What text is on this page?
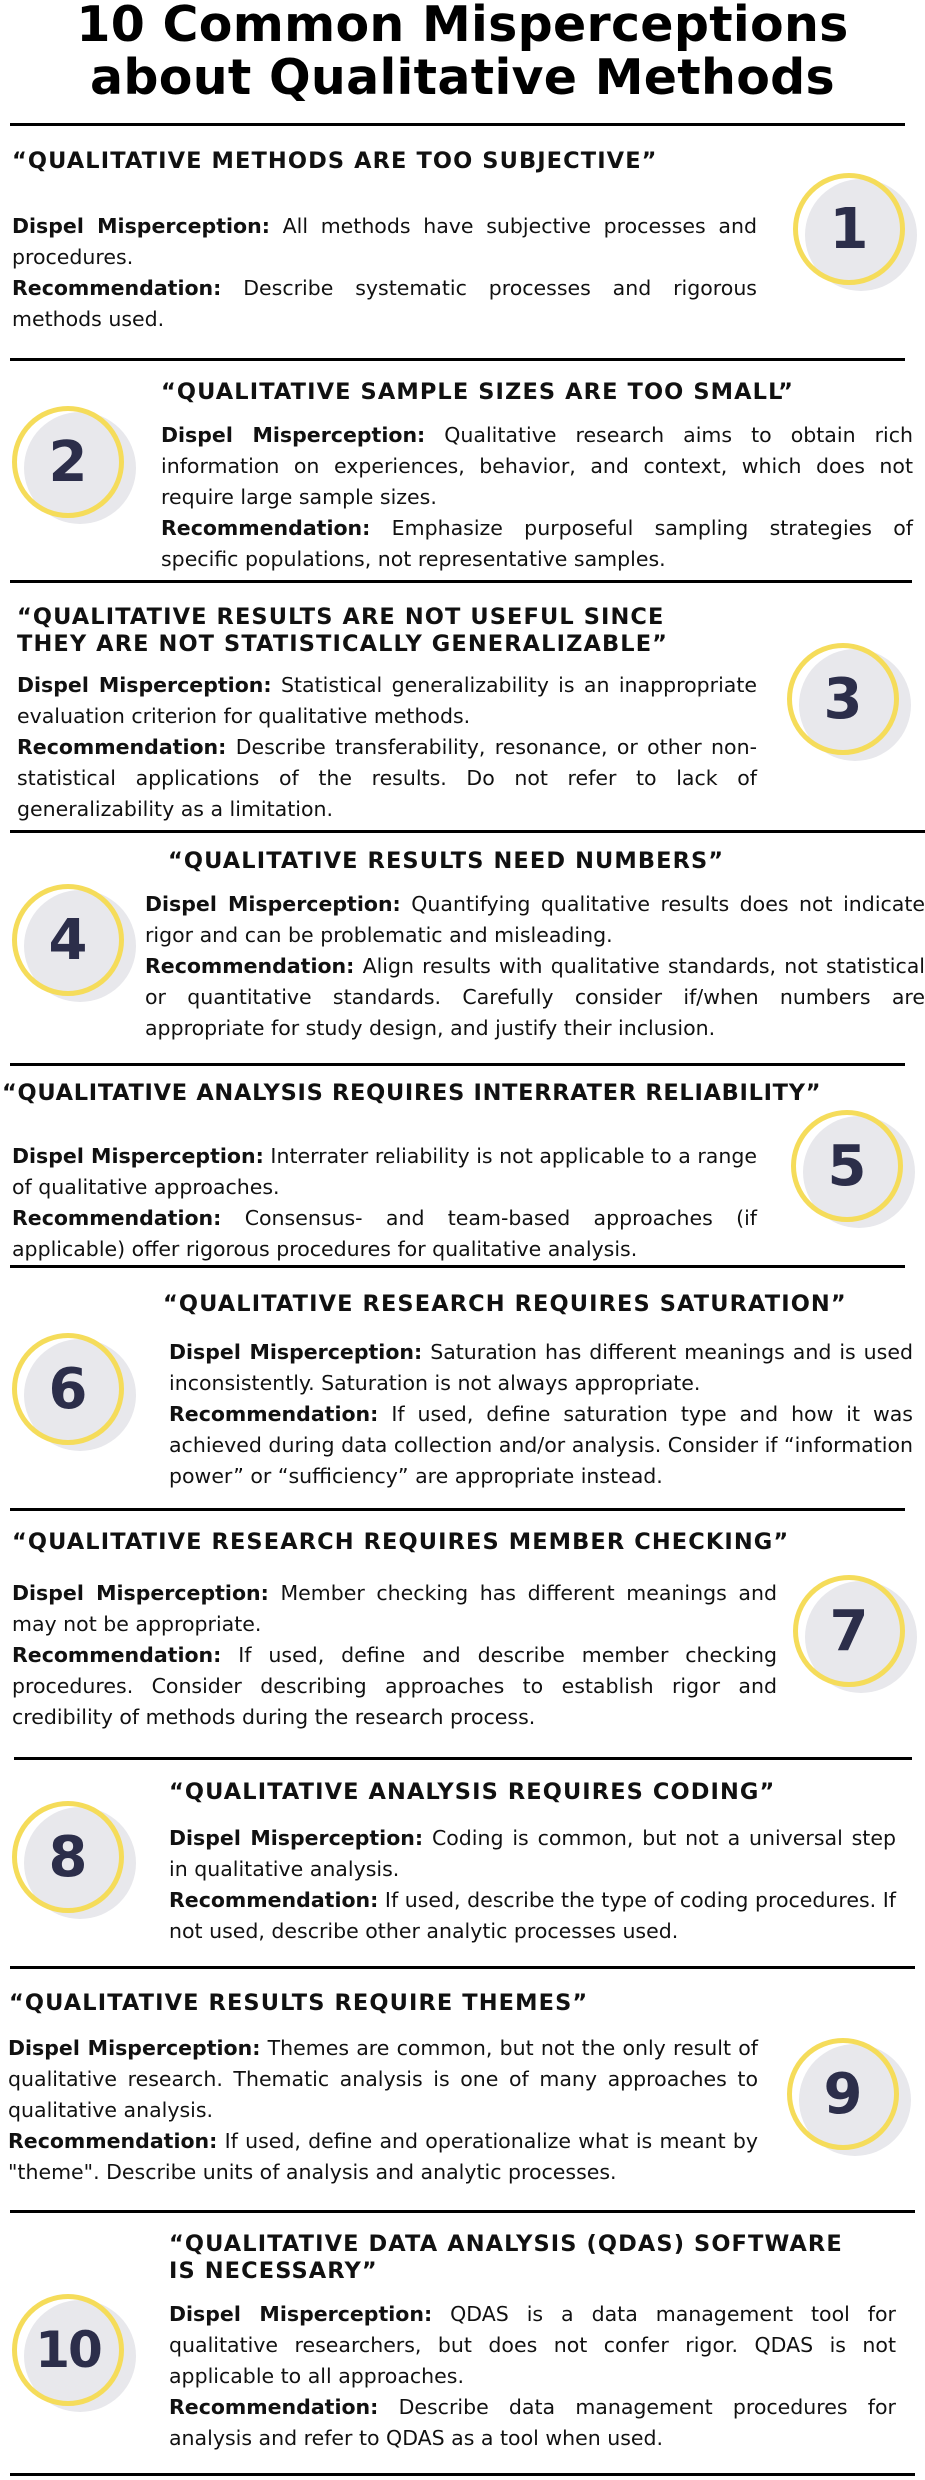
10 Common Misperceptions
about Qualitative Methods
“QUALITATIVE METHODS ARE TOO SUBJECTIVE”

Dispel Misperception: All methods have subjective processes and procedures.

Recommendation: Describe systematic processes and rigorous methods used.

1
“QUALITATIVE SAMPLE SIZES ARE TOO SMALL”

Dispel Misperception: Qualitative research aims to obtain rich information on experiences, behavior, and context, which does not require large sample sizes.

Recommendation: Emphasize purposeful sampling strategies of specific populations, not representative samples.

2
“QUALITATIVE RESULTS ARE NOT USEFUL SINCE
THEY ARE NOT STATISTICALLY GENERALIZABLE”

Dispel Misperception: Statistical generalizability is an inappropriate evaluation criterion for qualitative methods.

Recommendation: Describe transferability, resonance, or other non-statistical applications of the results. Do not refer to lack of generalizability as a limitation.

3
“QUALITATIVE RESULTS NEED NUMBERS”

Dispel Misperception: Quantifying qualitative results does not indicate rigor and can be problematic and misleading.

Recommendation: Align results with qualitative standards, not statistical or quantitative standards. Carefully consider if/when numbers are appropriate for study design, and justify their inclusion.

4
“QUALITATIVE ANALYSIS REQUIRES INTERRATER RELIABILITY”

Dispel Misperception: Interrater reliability is not applicable to a range of qualitative approaches.

Recommendation: Consensus- and team-based approaches (if applicable) offer rigorous procedures for qualitative analysis.

5
“QUALITATIVE RESEARCH REQUIRES SATURATION”

Dispel Misperception: Saturation has different meanings and is used inconsistently. Saturation is not always appropriate.

Recommendation: If used, define saturation type and how it was achieved during data collection and/or analysis. Consider if “information power” or “sufficiency” are appropriate instead.

6
“QUALITATIVE RESEARCH REQUIRES MEMBER CHECKING”

Dispel Misperception: Member checking has different meanings and may not be appropriate.

Recommendation: If used, define and describe member checking procedures. Consider describing approaches to establish rigor and credibility of methods during the research process.

7
“QUALITATIVE ANALYSIS REQUIRES CODING”

Dispel Misperception: Coding is common, but not a universal step in qualitative analysis.

Recommendation: If used, describe the type of coding procedures. If not used, describe other analytic processes used.

8
“QUALITATIVE RESULTS REQUIRE THEMES”

Dispel Misperception: Themes are common, but not the only result of qualitative research. Thematic analysis is one of many approaches to qualitative analysis.

Recommendation: If used, define and operationalize what is meant by "theme". Describe units of analysis and analytic processes.

9
“QUALITATIVE DATA ANALYSIS (QDAS) SOFTWARE
IS NECESSARY”

Dispel Misperception: QDAS is a data management tool for qualitative researchers, but does not confer rigor. QDAS is not applicable to all approaches.

Recommendation: Describe data management procedures for analysis and refer to QDAS as a tool when used.

10
